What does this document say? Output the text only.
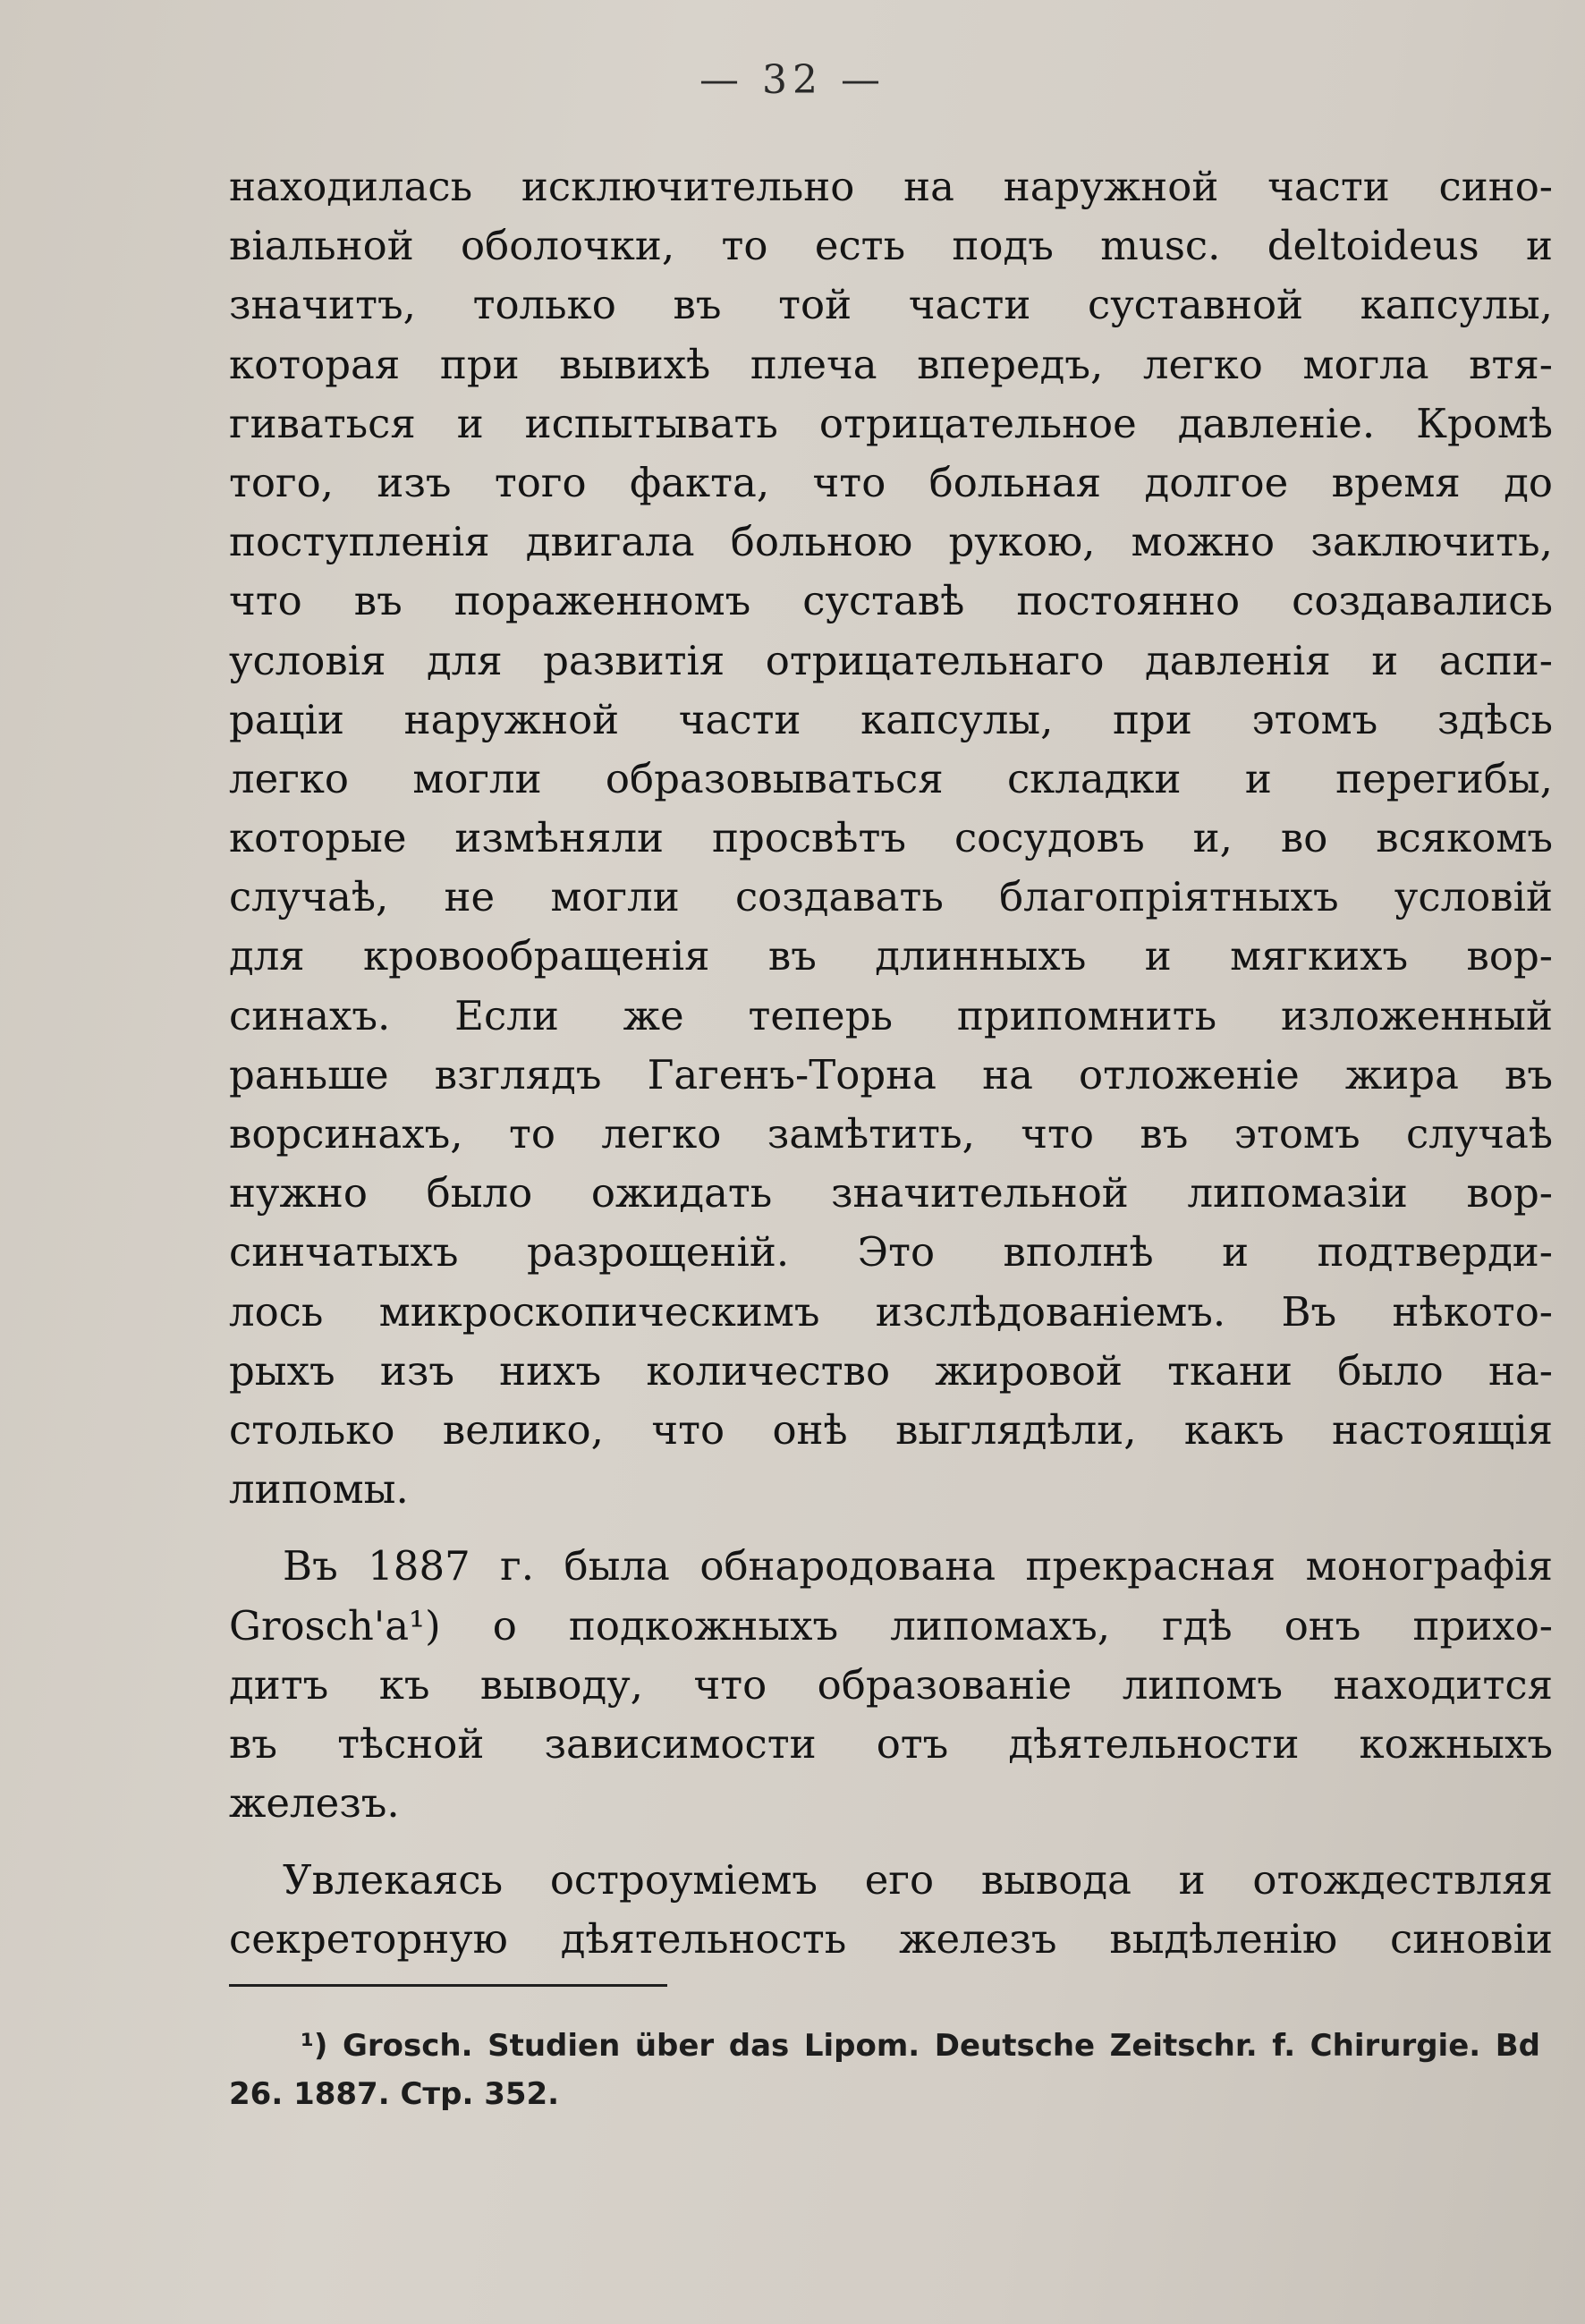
— 32 —
находилась исключительно на наружной части сино-
віальной оболочки, то есть подъ musc. deltoideus и
значитъ, только въ той части суставной капсулы,
которая при вывихѣ плеча впередъ, легко могла втя-
гиваться и испытывать отрицательное давленіе. Кромѣ
того, изъ того факта, что больная долгое время до
поступленія двигала больною рукою, можно заключить,
что въ пораженномъ суставѣ постоянно создавались
условія для развитія отрицательнаго давленія и аспи-
раціи наружной части капсулы, при этомъ здѣсь
легко могли образовываться складки и перегибы,
которые измѣняли просвѣтъ сосудовъ и, во всякомъ
случаѣ, не могли создавать благопріятныхъ условій
для кровообращенія въ длинныхъ и мягкихъ вор-
синахъ. Если же теперь припомнить изложенный
раньше взглядъ Гагенъ-Торна на отложеніе жира въ
ворсинахъ, то легко замѣтить, что въ этомъ случаѣ
нужно было ожидать значительной липомазіи вор-
синчатыхъ разрощеній. Это вполнѣ и подтверди-
лось микроскопическимъ изслѣдованіемъ. Въ нѣкото-
рыхъ изъ нихъ количество жировой ткани было на-
столько велико, что онѣ выглядѣли, какъ настоящія
липомы.
Въ 1887 г. была обнародована прекрасная монографія
Grosch'a¹) о подкожныхъ липомахъ, гдѣ онъ прихо-
дитъ къ выводу, что образованіе липомъ находится
въ тѣсной зависимости отъ дѣятельности кожныхъ
железъ.
Увлекаясь остроуміемъ его вывода и отождествляя
секреторную дѣятельность железъ выдѣленію синовіи
¹) Grosch. Studien über das Lipom. Deutsche Zeitschr. f. Chirurgie. Bd
26. 1887. Стр. 352.
